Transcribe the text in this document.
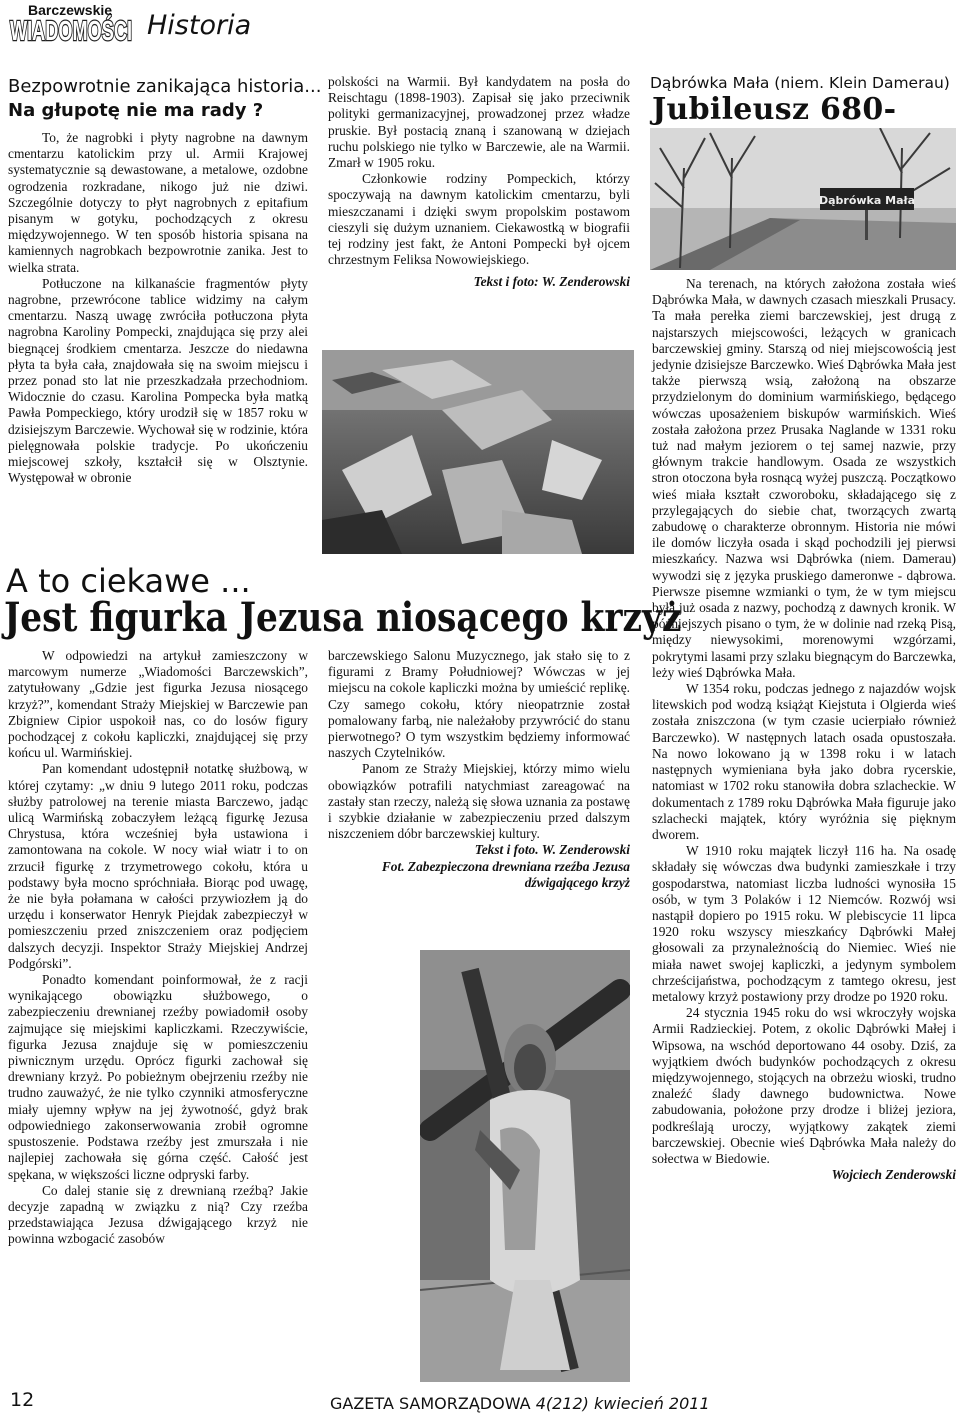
Barczewskie
WIADOMOŚCI Historia
Bezpowrotnie zanikająca historia...
Na głupotę nie ma rady ?

To, że nagrobki i płyty nagrobne na dawnym cmentarzu katolickim przy ul. Armii Krajowej systematycznie są dewastowane, a metalowe, ozdobne ogrodzenia rozkradane, nikogo już nie dziwi. Szczególnie dotyczy to płyt nagrobnych z epitafium pisanym w gotyku, pochodzących z okresu międzywojennego. W ten sposób historia spisana na kamiennych nagrobkach bezpowrotnie zanika. Jest to wielka strata.

Potłuczone na kilkanaście fragmentów płyty nagrobne, przewrócone tablice widzimy na całym cmentarzu. Naszą uwagę zwróciła potłuczona płyta nagrobna Karoliny Pompecki, znajdująca się przy alei biegnącej środkiem cmentarza. Jeszcze do niedawna płyta ta była cała, znajdowała się na swoim miejscu i przez ponad sto lat nie przeszkadzała przechodniom. Widocznie do czasu. Karolina Pompecka była matką Pawła Pompeckiego, który urodził się w 1857 roku w dzisiejszym Barczewie. Wychował się w rodzinie, która pielęgnowała polskie tradycje. Po ukończeniu miejscowej szkoły, kształcił się w Olsztynie. Występował w obronie

polskości na Warmii. Był kandydatem na posła do Reischtagu (1898-1903). Zapisał się jako przeciwnik polityki germanizacyjnej, prowadzonej przez władze pruskie. Był postacią znaną i szanowaną w dziejach ruchu polskiego nie tylko w Barczewie, ale na Warmii. Zmarł w 1905 roku.

Członkowie rodziny Pompeckich, którzy spoczywają na dawnym katolickim cmentarzu, byli mieszczanami i dzięki swym propolskim postawom cieszyli się dużym uznaniem. Ciekawostką w biografii tej rodziny jest fakt, że Antoni Pompecki był ojcem chrzestnym Feliksa Nowowiejskiego.

Tekst i foto: W. Zenderowski

Dąbrówka Mała (niem. Klein Damerau)
Jubileusz 680-
Dąbrówka Mała

Na terenach, na których założona została wieś Dąbrówka Mała, w dawnych czasach mieszkali Prusacy. Ta mała perełka ziemi barczewskiej, jest drugą z najstarszych miejscowości, leżących w granicach barczewskiej gminy. Starszą od niej miejscowością jest jedynie dzisiejsze Barczewko. Wieś Dąbrówka Mała jest także pierwszą wsią, założoną na obszarze przydzielonym do dominium warmińskiego, będącego wówczas uposażeniem biskupów warmińskich. Wieś została założona przez Prusaka Naglande w 1331 roku tuż nad małym jeziorem o tej samej nazwie, przy głównym trakcie handlowym. Osada ze wszystkich stron otoczona była rosnącą wyżej puszczą. Początkowo wieś miała kształt czworoboku, składającego się z przylegających do siebie chat, tworzących zwartą zabudowę o charakterze obronnym. Historia nie mówi ile domów liczyła osada i skąd pochodzili jej pierwsi mieszkańcy. Nazwa wsi Dąbrówka (niem. Damerau) wywodzi się z języka pruskiego dameronwe - dąbrowa. Pierwsze pisemne wzmianki o tym, że w tym miejscu była już osada z nazwy, pochodzą z dawnych kronik. W późniejszych pisano o tym, że w dolinie nad rzeką Pisą, między niewysokimi, morenowymi wzgórzami, pokrytymi lasami przy szlaku biegnącym do Barczewka, leży wieś Dąbrówka Mała.

W 1354 roku, podczas jednego z najazdów wojsk litewskich pod wodzą książąt Kiejstuta i Olgierda wieś została zniszczona (w tym czasie ucierpiało również Barczewko). W następnych latach osada opustoszała. Na nowo lokowano ją w 1398 roku i w latach następnych wymieniana była jako dobra rycerskie, natomiast w 1702 roku stanowiła dobra szlacheckie. W dokumentach z 1789 roku Dąbrówka Mała figuruje jako szlachecki majątek, który wyróżnia się pięknym dworem.

W 1910 roku majątek liczył 116 ha. Na osadę składały się wówczas dwa budynki zamieszkałe i trzy gospodarstwa, natomiast liczba ludności wynosiła 15 osób, w tym 3 Polaków i 12 Niemców. Rozwój wsi nastąpił dopiero po 1915 roku. W plebiscycie 11 lipca 1920 roku wszyscy mieszkańcy Dąbrówki Małej głosowali za przynależnością do Niemiec. Wieś nie miała nawet swojej kapliczki, a jedynym symbolem chrześcijaństwa, pochodzącym z tamtego okresu, jest metalowy krzyż postawiony przy drodze po 1920 roku.

24 stycznia 1945 roku do wsi wkroczyły wojska Armii Radzieckiej. Potem, z okolic Dąbrówki Małej i Wipsowa, na wschód deportowano 44 osoby. Dziś, za wyjątkiem dwóch budynków pochodzących z okresu międzywojennego, stojących na obrzeżu wioski, trudno znaleźć ślady dawnego budownictwa. Nowe zabudowania, położone przy drodze i bliżej jeziora, podkreślają uroczy, wyjątkowy zakątek ziemi barczewskiej. Obecnie wieś Dąbrówka Mała należy do sołectwa w Biedowie.

Wojciech Zenderowski

A to ciekawe ...
Jest figurka Jezusa niosącego krzyż

W odpowiedzi na artykuł zamieszczony w marcowym numerze „Wiadomości Barczewskich”, zatytułowany „Gdzie jest figurka Jezusa niosącego krzyż?”, komendant Straży Miejskiej w Barczewie pan Zbigniew Cipior uspokoił nas, co do losów figury pochodzącej z cokołu kapliczki, znajdującej się przy końcu ul. Warmińskiej.

Pan komendant udostępnił notatkę służbową, w której czytamy: „w dniu 9 lutego 2011 roku, podczas służby patrolowej na terenie miasta Barczewo, jadąc ulicą Warmińską zobaczyłem leżącą figurkę Jezusa Chrystusa, która wcześniej była ustawiona i zamontowana na cokole. W nocy wiał wiatr i to on zrzucił figurkę z trzymetrowego cokołu, która u podstawy była mocno spróchniała. Biorąc pod uwagę, że nie była połamana w całości przywiozłem ją do urzędu i konserwator Henryk Piejdak zabezpieczył w pomieszczeniu przed zniszczeniem oraz podjęciem dalszych decyzji. Inspektor Straży Miejskiej Andrzej Podgórski”.

Ponadto komendant poinformował, że z racji wynikającego obowiązku służbowego, o zabezpieczeniu drewnianej rzeźby powiadomił osoby zajmujące się miejskimi kapliczkami. Rzeczywiście, figurka Jezusa znajduje się w pomieszczeniu piwnicznym urzędu. Oprócz figurki zachował się drewniany krzyż. Po pobieżnym obejrzeniu rzeźby nie trudno zauważyć, że nie tylko czynniki atmosferyczne miały ujemny wpływ na jej żywotność, gdyż brak odpowiedniego zakonserwowania zrobił ogromne spustoszenie. Podstawa rzeźby jest zmurszała i nie najlepiej zachowała się górna część. Całość jest spękana, w większości liczne odpryski farby.

Co dalej stanie się z drewnianą rzeźbą? Jakie decyzje zapadną w związku z nią? Czy rzeźba przedstawiająca Jezusa dźwigającego krzyż nie powinna wzbogacić zasobów

barczewskiego Salonu Muzycznego, jak stało się to z figurami z Bramy Południowej? Wówczas w jej miejscu na cokole kapliczki można by umieścić replikę. Czy samego cokołu, który nieopatrznie został pomalowany farbą, nie należałoby przywrócić do stanu pierwotnego? O tym wszystkim będziemy informować naszych Czytelników.

Panom ze Straży Miejskiej, którzy mimo wielu obowiązków potrafili natychmiast zareagować na zastały stan rzeczy, należą się słowa uznania za postawę i szybkie działanie w zabezpieczeniu przed dalszym niszczeniem dóbr barczewskiej kultury.

Tekst i foto. W. Zenderowski

Fot. Zabezpieczona drewniana rzeźba Jezusa dźwigającego krzyż

12	GAZETA SAMORZĄDOWA 4(212) kwiecień 2011
